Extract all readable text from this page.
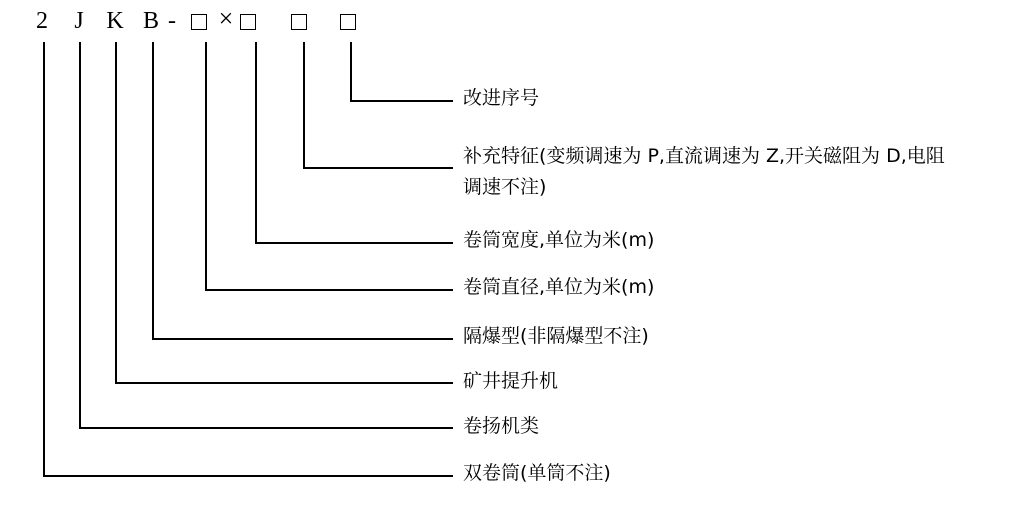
2 J K B - ×
改进序号
补充特征(变频调速为 P,直流调速为 Z,开关磁阻为 D,电阻
调速不注)
卷筒宽度,单位为米(m)
卷筒直径,单位为米(m)
隔爆型(非隔爆型不注)
矿井提升机
卷扬机类
双卷筒(单筒不注)
